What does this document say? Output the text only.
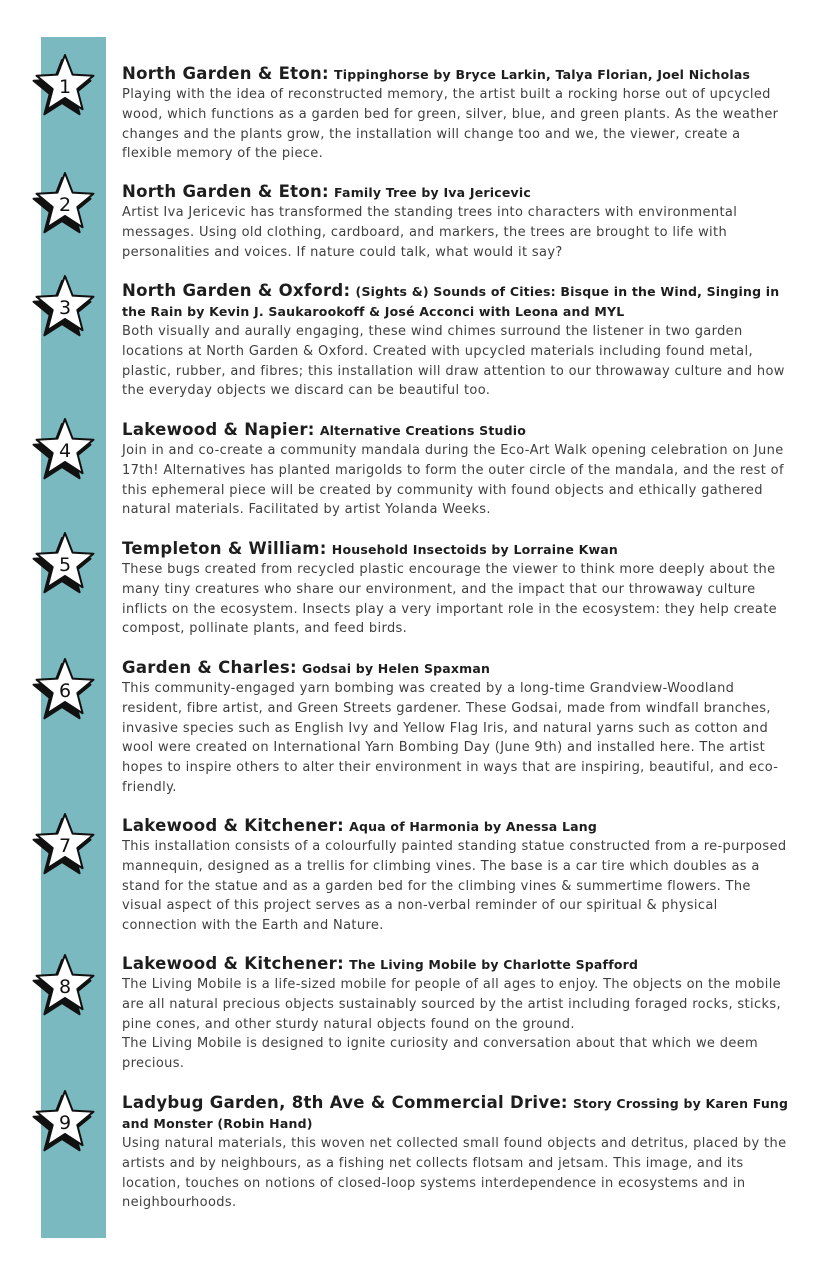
1
2
3
4
5
6
7
8
9
North Garden & Eton: Tippinghorse by Bryce Larkin, Talya Florian, Joel Nicholas
Playing with the idea of reconstructed memory, the artist built a rocking horse out of upcycled wood, which functions as a garden bed for green, silver, blue, and green plants. As the weather changes and the plants grow, the installation will change too and we, the viewer, create a flexible memory of the piece.
North Garden & Eton: Family Tree by Iva Jericevic
Artist Iva Jericevic has transformed the standing trees into characters with environmental messages. Using old clothing, cardboard, and markers, the trees are brought to life with personalities and voices. If nature could talk, what would it say?
North Garden & Oxford: (Sights &) Sounds of Cities: Bisque in the Wind, Singing in the Rain by Kevin J. Saukarookoff & José Acconci with Leona and MYL
Both visually and aurally engaging, these wind chimes surround the listener in two garden locations at North Garden & Oxford. Created with upcycled materials including found metal, plastic, rubber, and fibres; this installation will draw attention to our throwaway culture and how the everyday objects we discard can be beautiful too.
Lakewood & Napier: Alternative Creations Studio
Join in and co-create a community mandala during the Eco-Art Walk opening celebration on June 17th! Alternatives has planted marigolds to form the outer circle of the mandala, and the rest of this ephemeral piece will be created by community with found objects and ethically gathered natural materials. Facilitated by artist Yolanda Weeks.
Templeton & William: Household Insectoids by Lorraine Kwan
These bugs created from recycled plastic encourage the viewer to think more deeply about the many tiny creatures who share our environment, and the impact that our throwaway culture inflicts on the ecosystem. Insects play a very important role in the ecosystem: they help create compost, pollinate plants, and feed birds.
Garden & Charles: Godsai by Helen Spaxman
This community-engaged yarn bombing was created by a long-time Grandview-Woodland resident, fibre artist, and Green Streets gardener. These Godsai, made from windfall branches, invasive species such as English Ivy and Yellow Flag Iris, and natural yarns such as cotton and wool were created on International Yarn Bombing Day (June 9th) and installed here. The artist hopes to inspire others to alter their environment in ways that are inspiring, beautiful, and eco-friendly.
Lakewood & Kitchener: Aqua of Harmonia by Anessa Lang
This installation consists of a colourfully painted standing statue constructed from a re-purposed mannequin, designed as a trellis for climbing vines. The base is a car tire which doubles as a stand for the statue and as a garden bed for the climbing vines & summertime flowers. The visual aspect of this project serves as a non-verbal reminder of our spiritual & physical connection with the Earth and Nature.
Lakewood & Kitchener: The Living Mobile by Charlotte Spafford
The Living Mobile is a life-sized mobile for people of all ages to enjoy. The objects on the mobile are all natural precious objects sustainably sourced by the artist including foraged rocks, sticks, pine cones, and other sturdy natural objects found on the ground.
The Living Mobile is designed to ignite curiosity and conversation about that which we deem precious.
Ladybug Garden, 8th Ave & Commercial Drive: Story Crossing by Karen Fung and Monster (Robin Hand)
Using natural materials, this woven net collected small found objects and detritus, placed by the artists and by neighbours, as a fishing net collects flotsam and jetsam. This image, and its location, touches on notions of closed-loop systems interdependence in ecosystems and in neighbourhoods.
